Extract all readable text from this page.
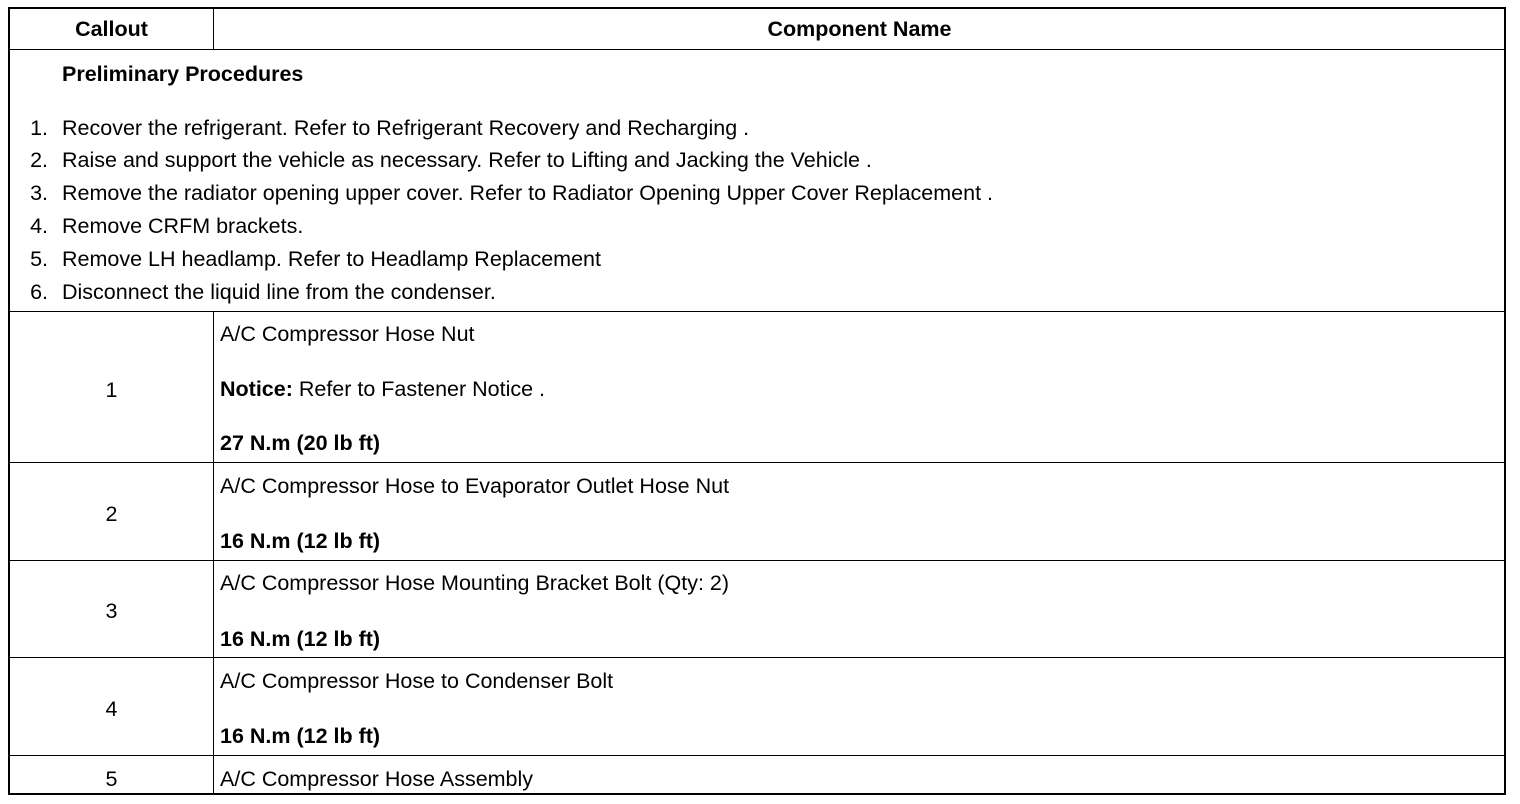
Callout	Component Name
Preliminary Procedures
1. Recover the refrigerant. Refer to Refrigerant Recovery and Recharging .
2. Raise and support the vehicle as necessary. Refer to Lifting and Jacking the Vehicle .
3. Remove the radiator opening upper cover. Refer to Radiator Opening Upper Cover Replacement .
4. Remove CRFM brackets.
5. Remove LH headlamp. Refer to Headlamp Replacement
6. Disconnect the liquid line from the condenser.
1
A/C Compressor Hose Nut
Notice: Refer to Fastener Notice .
27 N.m (20 lb ft)
2
A/C Compressor Hose to Evaporator Outlet Hose Nut
16 N.m (12 lb ft)
3
A/C Compressor Hose Mounting Bracket Bolt (Qty: 2)
16 N.m (12 lb ft)
4
A/C Compressor Hose to Condenser Bolt
16 N.m (12 lb ft)
5	A/C Compressor Hose Assembly
